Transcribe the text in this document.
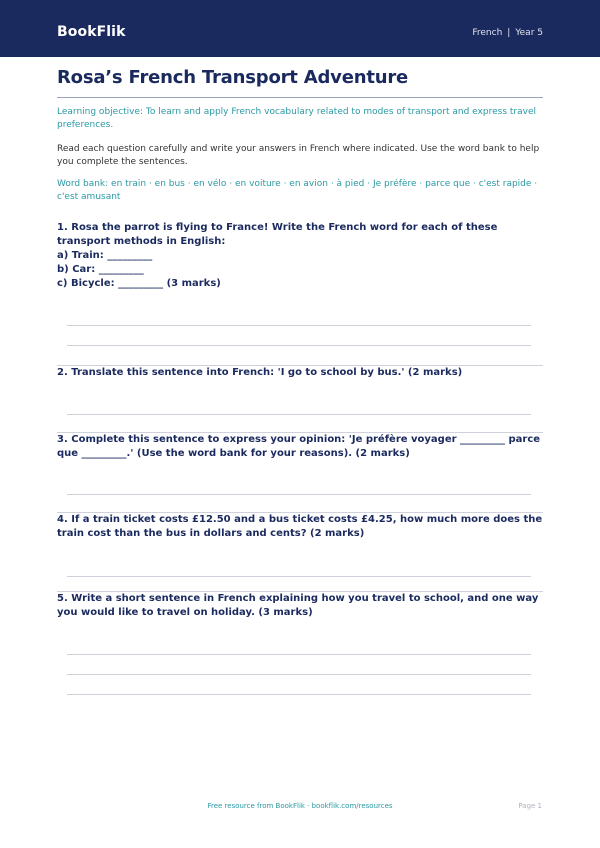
BookFlik	French | Year 5
Rosa’s French Transport Adventure

Learning objective: To learn and apply French vocabulary related to modes of transport and express travel preferences.

Read each question carefully and write your answers in French where indicated. Use the word bank to help you complete the sentences.

Word bank: en train · en bus · en vélo · en voiture · en avion · à pied · Je préfère · parce que · c'est rapide · c'est amusant

1. Rosa the parrot is flying to France! Write the French word for each of these transport methods in English:

a) Train: _________

b) Car: _________

c) Bicycle: _________ (3 marks)

2. Translate this sentence into French: 'I go to school by bus.' (2 marks)

3. Complete this sentence to express your opinion: 'Je préfère voyager _________ parce que _________.' (Use the word bank for your reasons). (2 marks)

4. If a train ticket costs £12.50 and a bus ticket costs £4.25, how much more does the train cost than the bus in dollars and cents? (2 marks)

5. Write a short sentence in French explaining how you travel to school, and one way you would like to travel on holiday. (3 marks)

Free resource from BookFlik · bookflik.com/resources	Page 1
